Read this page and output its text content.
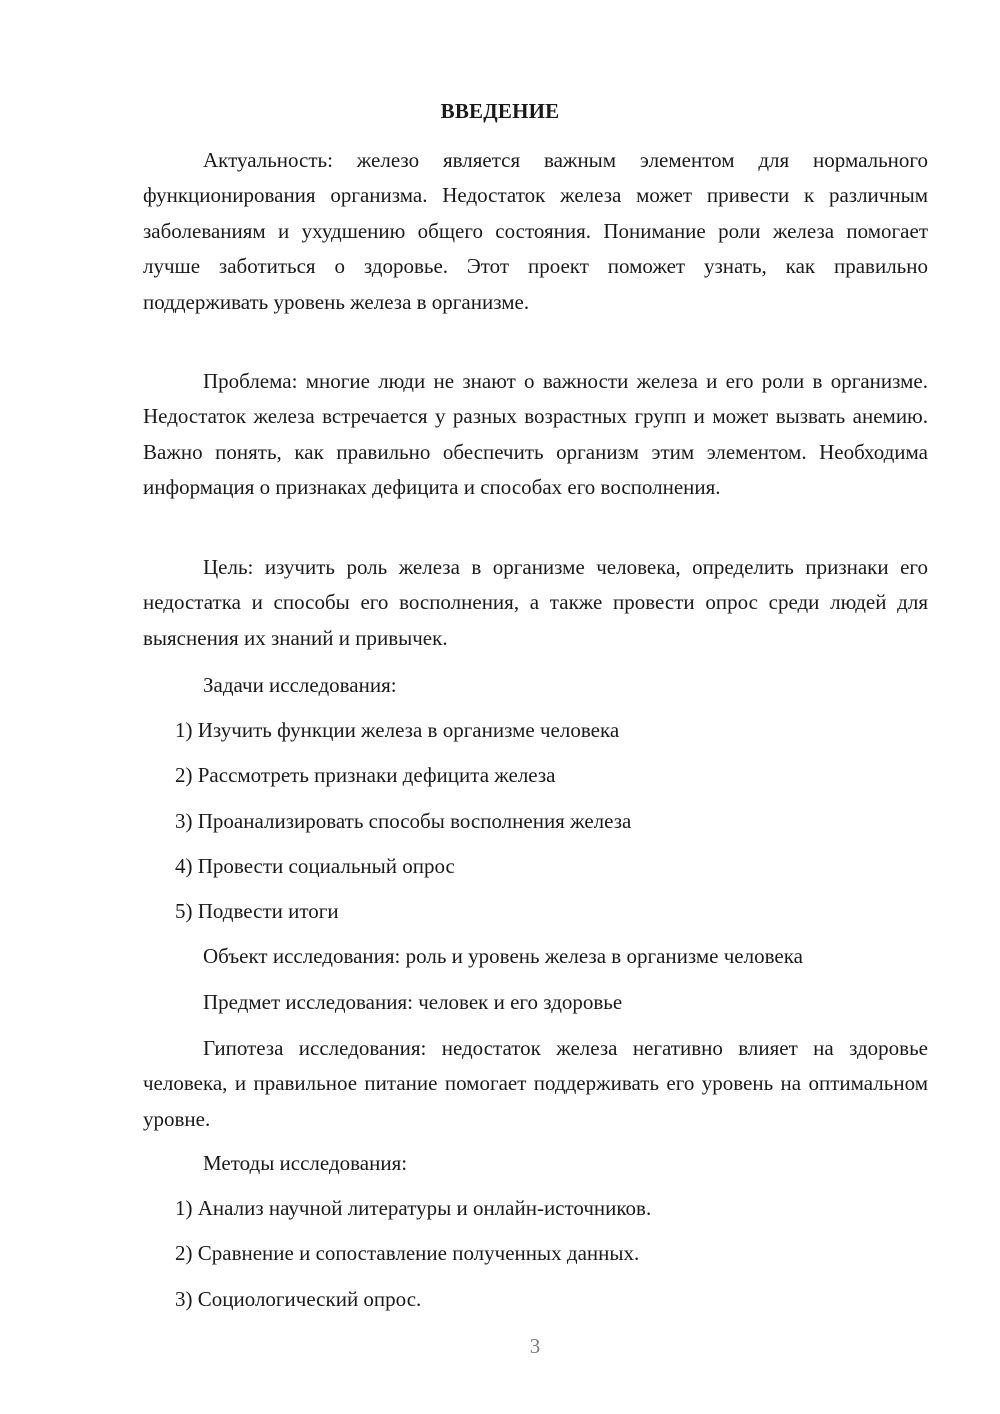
ВВЕДЕНИЕ

Актуальность: железо является важным элементом для нормального функционирования организма. Недостаток железа может привести к различным заболеваниям и ухудшению общего состояния. Понимание роли железа помогает лучше заботиться о здоровье. Этот проект поможет узнать, как правильно поддерживать уровень железа в организме.

Проблема: многие люди не знают о важности железа и его роли в организме. Недостаток железа встречается у разных возрастных групп и может вызвать анемию. Важно понять, как правильно обеспечить организм этим элементом. Необходима информация о признаках дефицита и способах его восполнения.

Цель: изучить роль железа в организме человека, определить признаки его недостатка и способы его восполнения, а также провести опрос среди людей для выяснения их знаний и привычек.

Задачи исследования:

1) Изучить функции железа в организме человека

2) Рассмотреть признаки дефицита железа

3) Проанализировать способы восполнения железа

4) Провести социальный опрос

5) Подвести итоги

Объект исследования: роль и уровень железа в организме человека

Предмет исследования: человек и его здоровье

Гипотеза исследования: недостаток железа негативно влияет на здоровье человека, и правильное питание помогает поддерживать его уровень на оптимальном уровне.

Методы исследования:

1) Анализ научной литературы и онлайн-источников.

2) Сравнение и сопоставление полученных данных.

3) Социологический опрос.

3
